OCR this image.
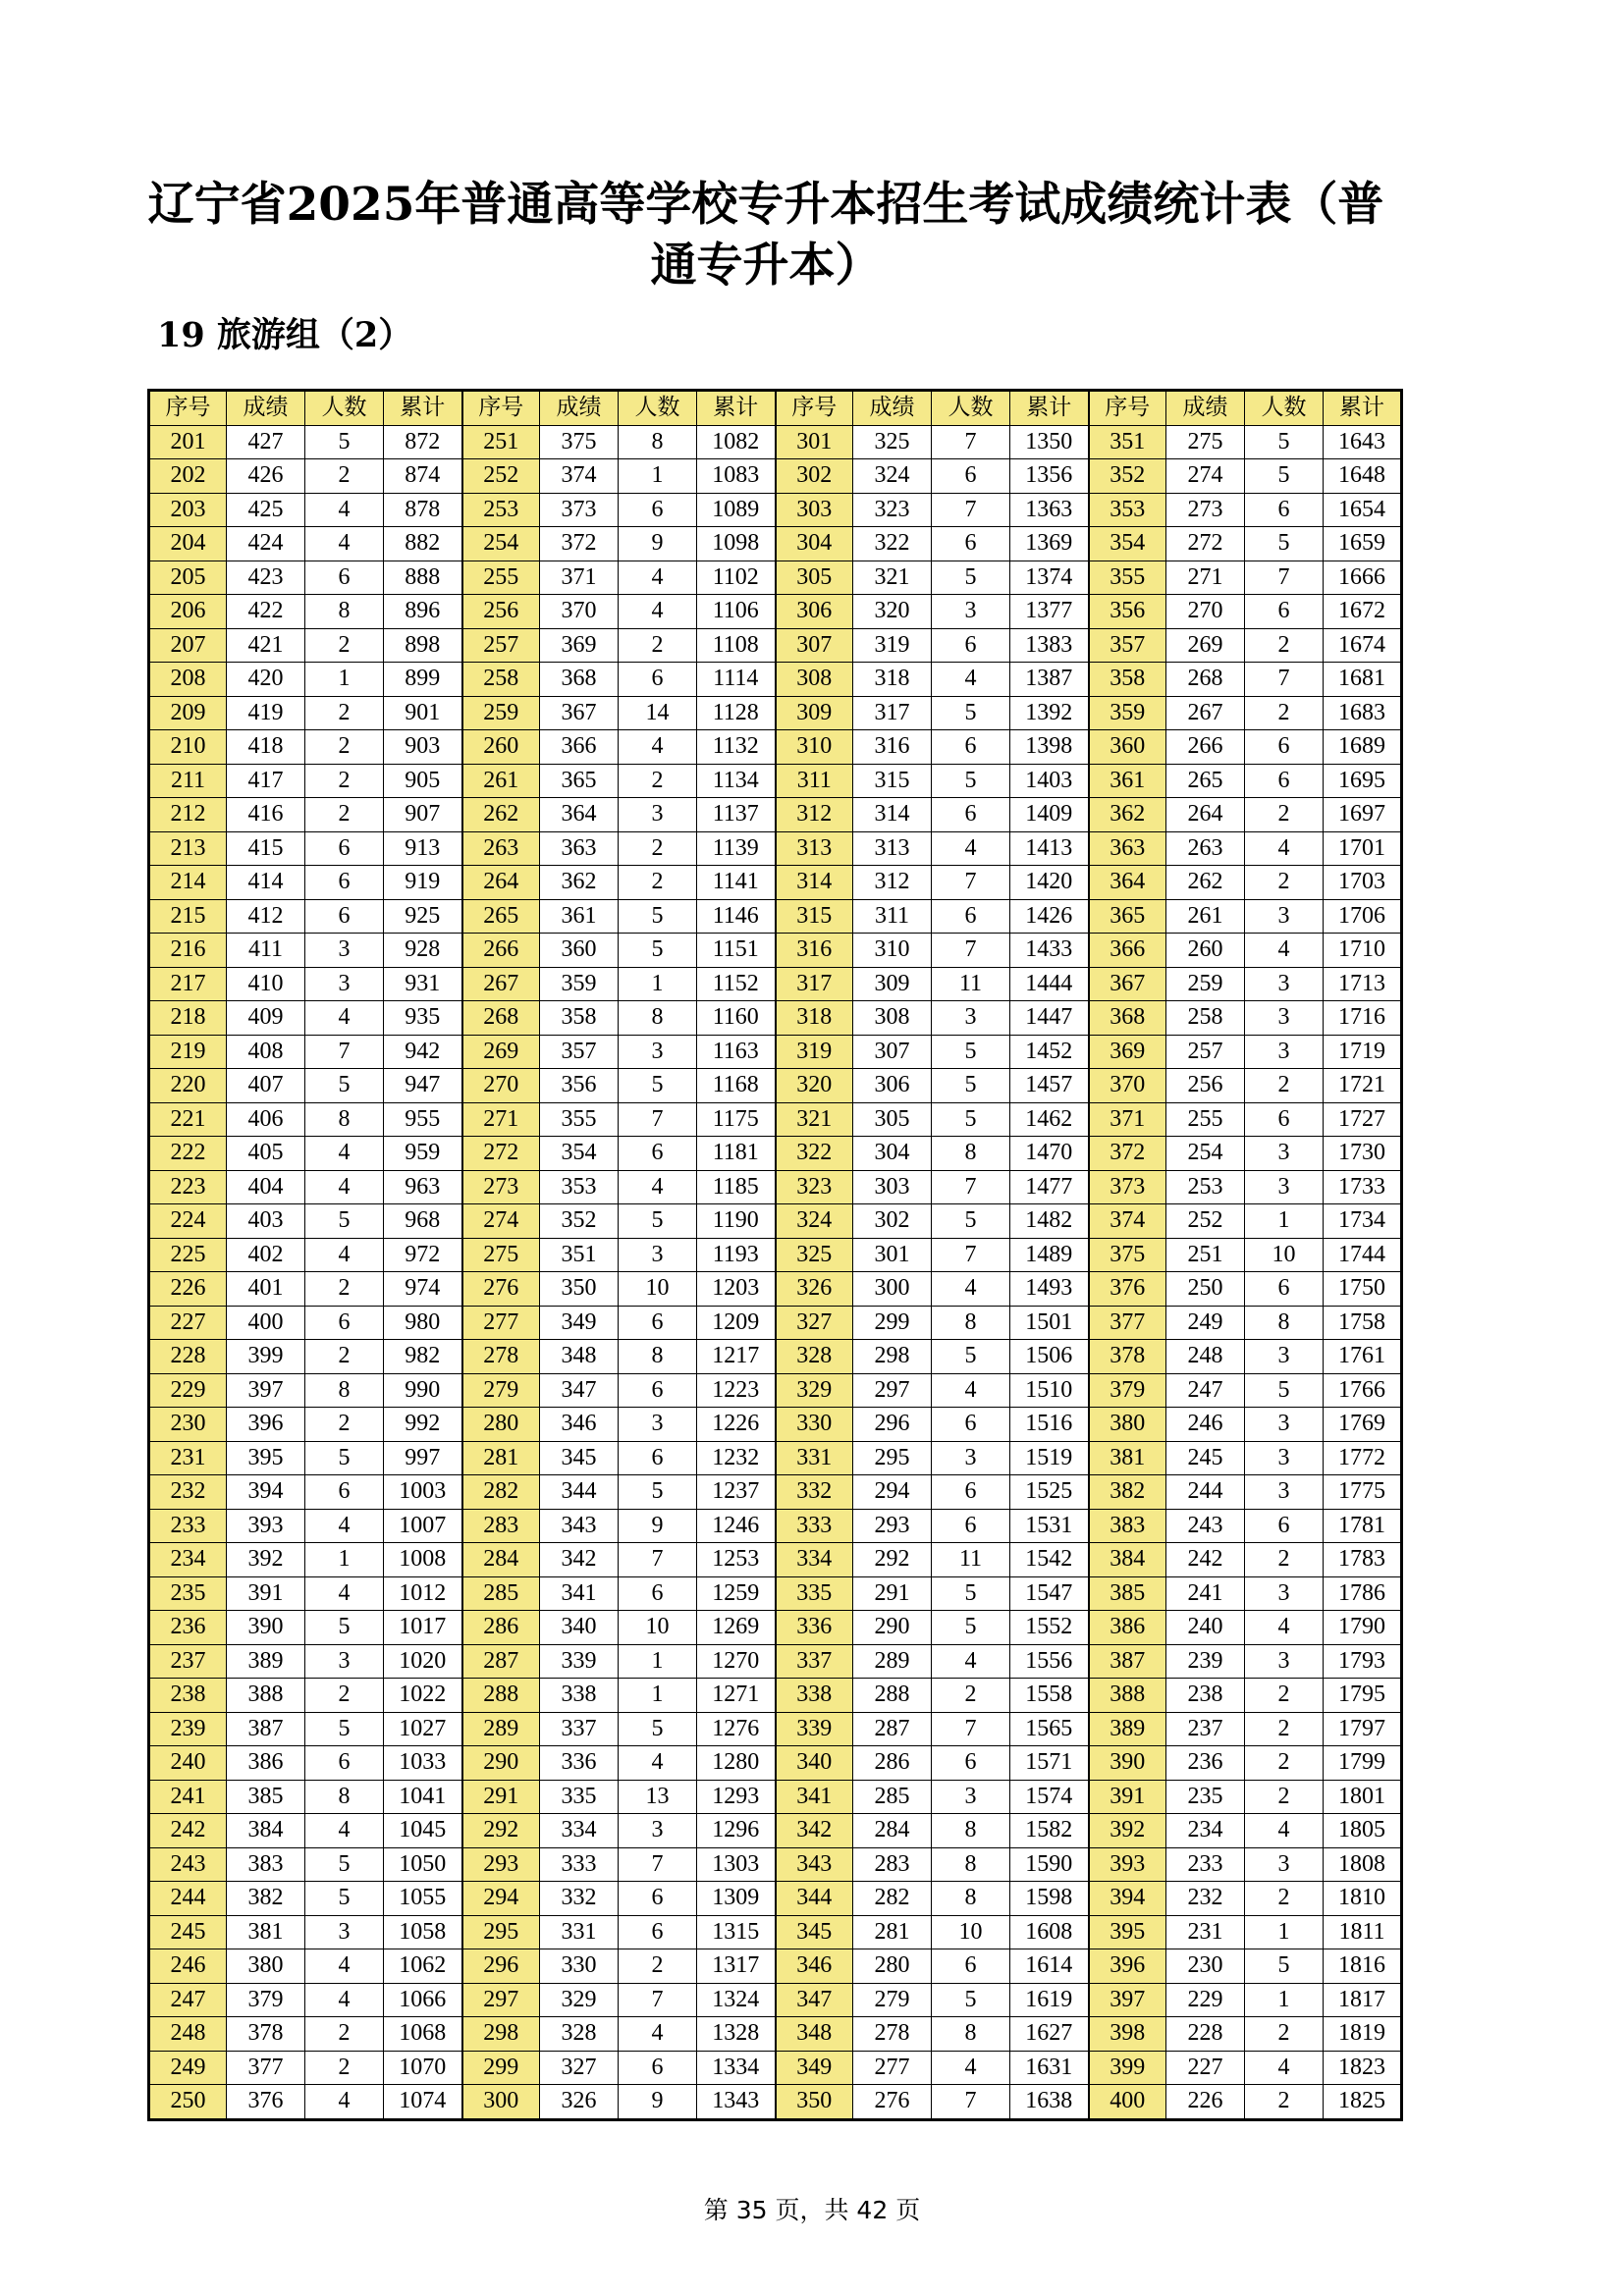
辽宁省2025年普通高等学校专升本招生考试成绩统计表（普通专升本）
19 旅游组（2）
序号	成绩	人数	累计	序号	成绩	人数	累计	序号	成绩	人数	累计	序号	成绩	人数	累计
201	427	5	872	251	375	8	1082	301	325	7	1350	351	275	5	1643
202	426	2	874	252	374	1	1083	302	324	6	1356	352	274	5	1648
203	425	4	878	253	373	6	1089	303	323	7	1363	353	273	6	1654
204	424	4	882	254	372	9	1098	304	322	6	1369	354	272	5	1659
205	423	6	888	255	371	4	1102	305	321	5	1374	355	271	7	1666
206	422	8	896	256	370	4	1106	306	320	3	1377	356	270	6	1672
207	421	2	898	257	369	2	1108	307	319	6	1383	357	269	2	1674
208	420	1	899	258	368	6	1114	308	318	4	1387	358	268	7	1681
209	419	2	901	259	367	14	1128	309	317	5	1392	359	267	2	1683
210	418	2	903	260	366	4	1132	310	316	6	1398	360	266	6	1689
211	417	2	905	261	365	2	1134	311	315	5	1403	361	265	6	1695
212	416	2	907	262	364	3	1137	312	314	6	1409	362	264	2	1697
213	415	6	913	263	363	2	1139	313	313	4	1413	363	263	4	1701
214	414	6	919	264	362	2	1141	314	312	7	1420	364	262	2	1703
215	412	6	925	265	361	5	1146	315	311	6	1426	365	261	3	1706
216	411	3	928	266	360	5	1151	316	310	7	1433	366	260	4	1710
217	410	3	931	267	359	1	1152	317	309	11	1444	367	259	3	1713
218	409	4	935	268	358	8	1160	318	308	3	1447	368	258	3	1716
219	408	7	942	269	357	3	1163	319	307	5	1452	369	257	3	1719
220	407	5	947	270	356	5	1168	320	306	5	1457	370	256	2	1721
221	406	8	955	271	355	7	1175	321	305	5	1462	371	255	6	1727
222	405	4	959	272	354	6	1181	322	304	8	1470	372	254	3	1730
223	404	4	963	273	353	4	1185	323	303	7	1477	373	253	3	1733
224	403	5	968	274	352	5	1190	324	302	5	1482	374	252	1	1734
225	402	4	972	275	351	3	1193	325	301	7	1489	375	251	10	1744
226	401	2	974	276	350	10	1203	326	300	4	1493	376	250	6	1750
227	400	6	980	277	349	6	1209	327	299	8	1501	377	249	8	1758
228	399	2	982	278	348	8	1217	328	298	5	1506	378	248	3	1761
229	397	8	990	279	347	6	1223	329	297	4	1510	379	247	5	1766
230	396	2	992	280	346	3	1226	330	296	6	1516	380	246	3	1769
231	395	5	997	281	345	6	1232	331	295	3	1519	381	245	3	1772
232	394	6	1003	282	344	5	1237	332	294	6	1525	382	244	3	1775
233	393	4	1007	283	343	9	1246	333	293	6	1531	383	243	6	1781
234	392	1	1008	284	342	7	1253	334	292	11	1542	384	242	2	1783
235	391	4	1012	285	341	6	1259	335	291	5	1547	385	241	3	1786
236	390	5	1017	286	340	10	1269	336	290	5	1552	386	240	4	1790
237	389	3	1020	287	339	1	1270	337	289	4	1556	387	239	3	1793
238	388	2	1022	288	338	1	1271	338	288	2	1558	388	238	2	1795
239	387	5	1027	289	337	5	1276	339	287	7	1565	389	237	2	1797
240	386	6	1033	290	336	4	1280	340	286	6	1571	390	236	2	1799
241	385	8	1041	291	335	13	1293	341	285	3	1574	391	235	2	1801
242	384	4	1045	292	334	3	1296	342	284	8	1582	392	234	4	1805
243	383	5	1050	293	333	7	1303	343	283	8	1590	393	233	3	1808
244	382	5	1055	294	332	6	1309	344	282	8	1598	394	232	2	1810
245	381	3	1058	295	331	6	1315	345	281	10	1608	395	231	1	1811
246	380	4	1062	296	330	2	1317	346	280	6	1614	396	230	5	1816
247	379	4	1066	297	329	7	1324	347	279	5	1619	397	229	1	1817
248	378	2	1068	298	328	4	1328	348	278	8	1627	398	228	2	1819
249	377	2	1070	299	327	6	1334	349	277	4	1631	399	227	4	1823
250	376	4	1074	300	326	9	1343	350	276	7	1638	400	226	2	1825
第 35 页，共 42 页
